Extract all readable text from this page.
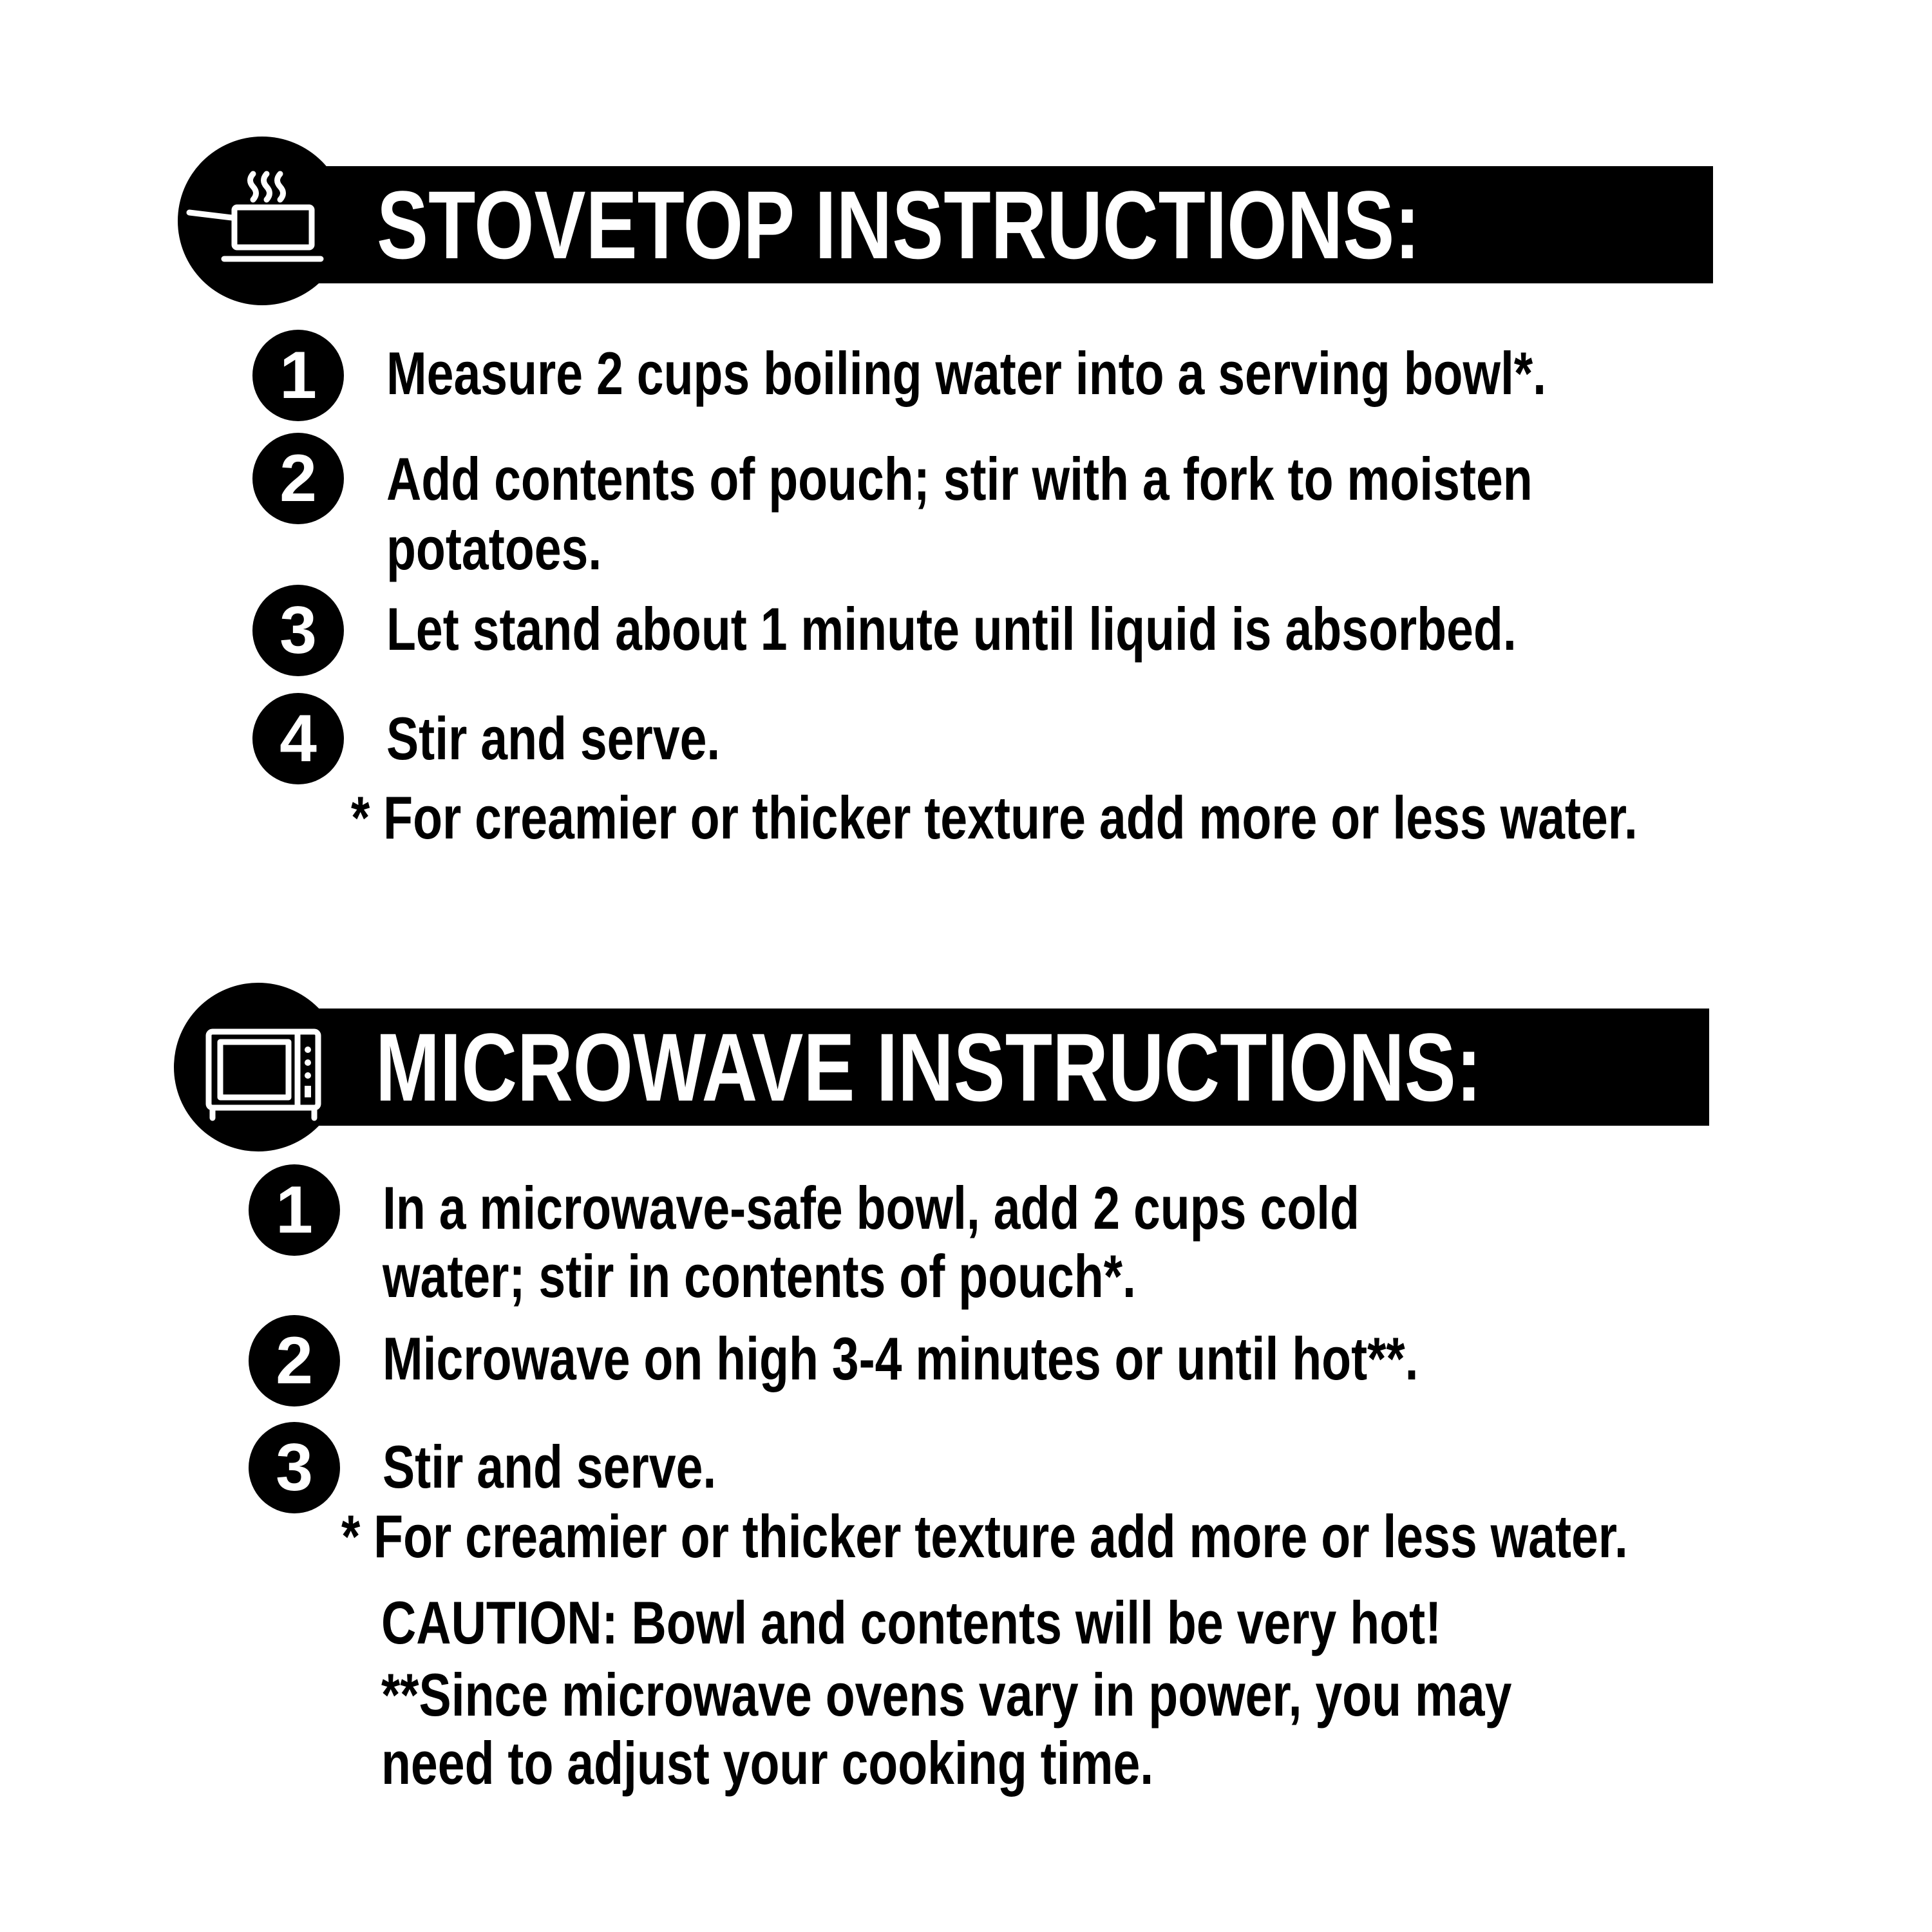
STOVETOP INSTRUCTIONS:
1	Measure 2 cups boiling water into a serving bowl*.
2	Add contents of pouch; stir with a fork to moisten
potatoes.
3	Let stand about 1 minute until liquid is absorbed.
4	Stir and serve.
* For creamier or thicker texture add more or less water.
MICROWAVE INSTRUCTIONS:
1	In a microwave-safe bowl, add 2 cups cold
water; stir in contents of pouch*.
2	Microwave on high 3-4 minutes or until hot**.
3	Stir and serve.
* For creamier or thicker texture add more or less water.
CAUTION: Bowl and contents will be very hot!
**Since microwave ovens vary in power, you may
need to adjust your cooking time.
